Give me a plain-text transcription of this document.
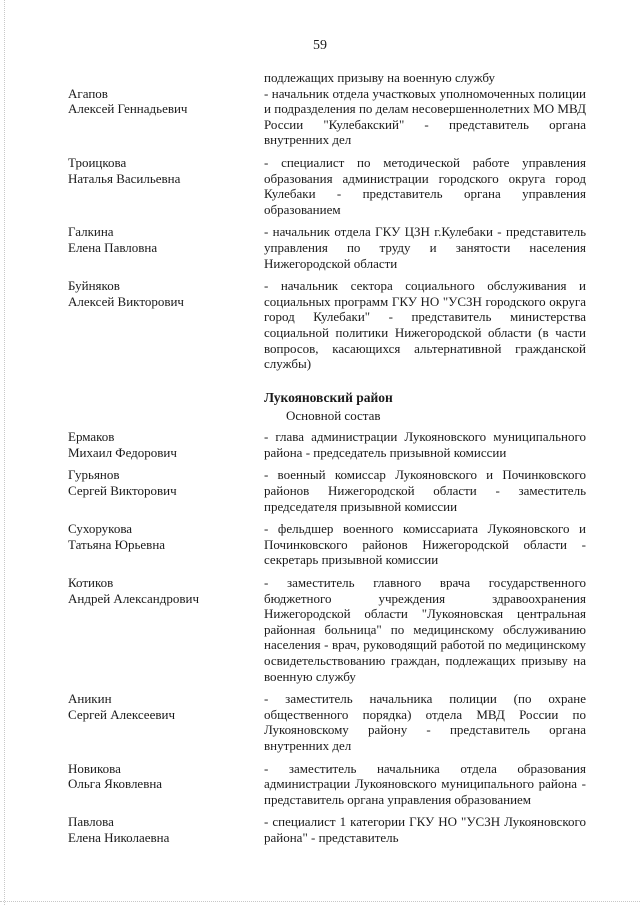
59
подлежащих призыву на военную службу
Агапов
Алексей Геннадьевич
- начальник отдела участковых уполномоченных полиции и подразделения по делам несовершеннолетних МО МВД России "Кулебакский" - представитель органа внутренних дел
Троицкова
Наталья Васильевна
- специалист по методической работе управления образования администрации городского округа город Кулебаки - представитель органа управления образованием
Галкина
Елена Павловна
- начальник отдела ГКУ ЦЗН г.Кулебаки - представитель управления по труду и занятости населения Нижегородской области
Буйняков
Алексей Викторович
- начальник сектора социального обслуживания и социальных программ ГКУ НО "УСЗН городского округа город Кулебаки" - представитель министерства социальной политики Нижегородской области (в части вопросов, касающихся альтернативной гражданской службы)
Лукояновский район
Основной состав
Ермаков
Михаил Федорович
- глава администрации Лукояновского муниципального района - председатель призывной комиссии
Гурьянов
Сергей Викторович
- военный комиссар Лукояновского и Починковского районов Нижегородской области - заместитель председателя призывной комиссии
Сухорукова
Татьяна Юрьевна
- фельдшер военного комиссариата Лукояновского и Починковского районов Нижегородской области - секретарь призывной комиссии
Котиков
Андрей Александрович
- заместитель главного врача государственного бюджетного учреждения здравоохранения Нижегородской области "Лукояновская центральная районная больница" по медицинскому обслуживанию населения - врач, руководящий работой по медицинскому освидетельствованию граждан, подлежащих призыву на военную службу
Аникин
Сергей Алексеевич
- заместитель начальника полиции (по охране общественного порядка) отдела МВД России по Лукояновскому району - представитель органа внутренних дел
Новикова
Ольга Яковлевна
- заместитель начальника отдела образования администрации Лукояновского муниципального района - представитель органа управления образованием
Павлова
Елена Николаевна
- специалист 1 категории ГКУ НО "УСЗН Лукояновского района" - представитель
